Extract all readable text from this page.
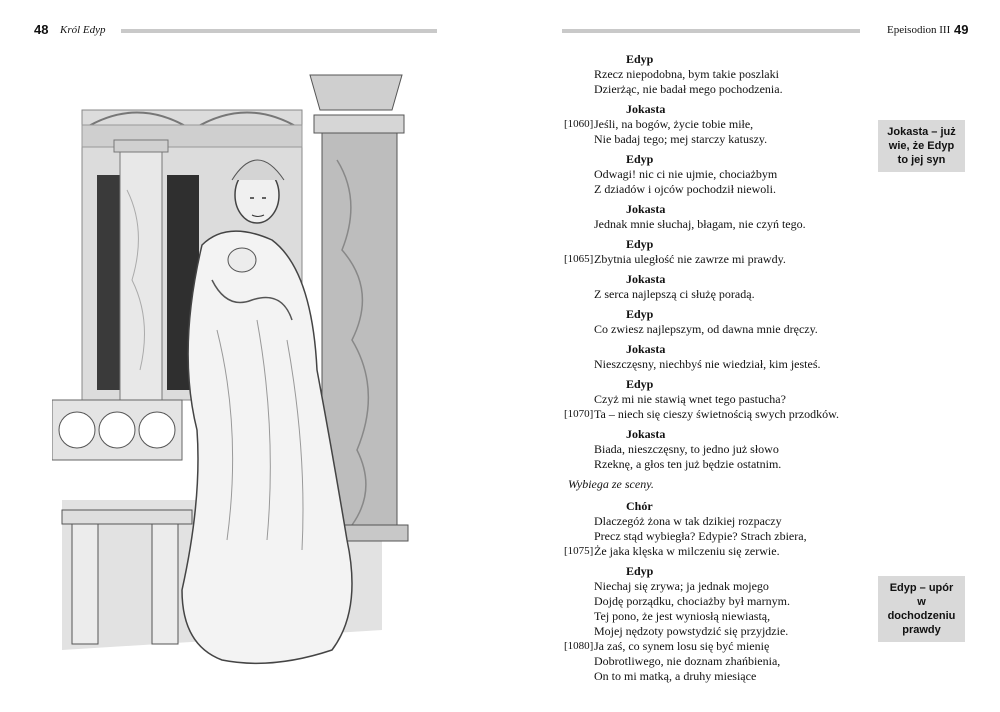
48 Król Edyp	Epeisodion III 49
Edyp
Rzecz niepodobna, bym takie poszlaki
Dzierżąc, nie badał mego pochodzenia.
Jokasta
[1060] Jeśli, na bogów, życie tobie miłe,
Nie badaj tego; mej starczy katuszy.
Edyp
Odwagi! nic ci nie ujmie, chociażbym
Z dziadów i ojców pochodził niewoli.
Jokasta
Jednak mnie słuchaj, błagam, nie czyń tego.
Edyp
[1065] Zbytnia uległość nie zawrze mi prawdy.
Jokasta
Z serca najlepszą ci służę poradą.
Edyp
Co zwiesz najlepszym, od dawna mnie dręczy.
Jokasta
Nieszczęsny, niechbyś nie wiedział, kim jesteś.
Edyp
Czyż mi nie stawią wnet tego pastucha?
[1070] Ta – niech się cieszy świetnością swych przodków.
Jokasta
Biada, nieszczęsny, to jedno już słowo
Rzeknę, a głos ten już będzie ostatnim.
Wybiega ze sceny.
Chór
Dlaczegóż żona w tak dzikiej rozpaczy
Precz stąd wybiegła? Edypie? Strach zbiera,
[1075] Że jaka klęska w milczeniu się zerwie.
Edyp
Niechaj się zrywa; ja jednak mojego
Dojdę porządku, chociażby był marnym.
Tej pono, że jest wyniosłą niewiastą,
Mojej nędzoty powstydzić się przyjdzie.
[1080] Ja zaś, co synem losu się być mienię
Dobrotliwego, nie doznam zhańbienia,
On to mi matką, a druhy miesiące
Jokasta – już wie, że Edyp to jej syn
Edyp – upór w dochodzeniu prawdy
